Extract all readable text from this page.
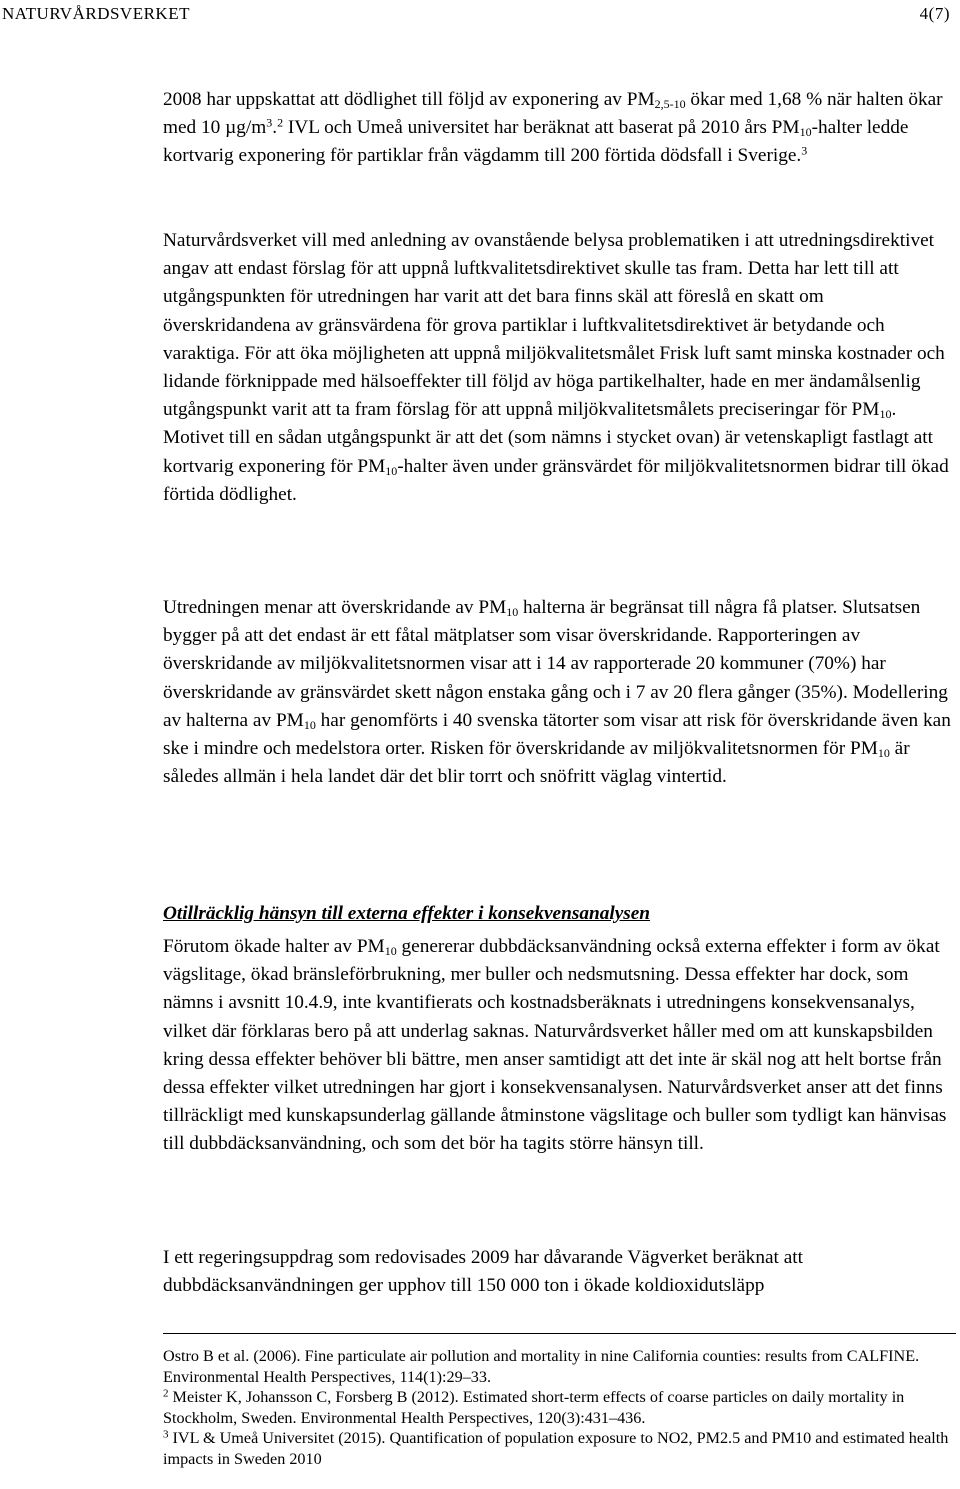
NATURVÅRDSVERKET	4(7)

2008 har uppskattat att dödlighet till följd av exponering av $PM_{2,5-10}$ ökar med 1,68 % när halten ökar med 10 $\mu g/m^3.^2$ IVL och Umeå universitet har beräknat att baserat på 2010 års $PM_{10}$-halter ledde kortvarig exponering för partiklar från vägdamm till 200 förtida dödsfall i Sverige.$^3$

Naturvårdsverket vill med anledning av ovanstående belysa problematiken i att utredningsdirektivet angav att endast förslag för att uppnå luftkvalitetsdirektivet skulle tas fram. Detta har lett till att utgångspunkten för utredningen har varit att det bara finns skäl att föreslå en skatt om överskridandena av gränsvärdena för grova partiklar i luftkvalitetsdirektivet är betydande och varaktiga. För att öka möjligheten att uppnå miljökvalitetsmålet Frisk luft samt minska kostnader och lidande förknippade med hälsoeffekter till följd av höga partikelhalter, hade en mer ändamålsenlig utgångspunkt varit att ta fram förslag för att uppnå miljökvalitetsmålets preciseringar för $PM_{10}$. Motivet till en sådan utgångspunkt är att det (som nämns i stycket ovan) är vetenskapligt fastlagt att kortvarig exponering för $PM_{10}$-halter även under gränsvärdet för miljökvalitetsnormen bidrar till ökad förtida dödlighet.

Utredningen menar att överskridande av $PM_{10}$ halterna är begränsat till några få platser. Slutsatsen bygger på att det endast är ett fåtal mätplatser som visar överskridande. Rapporteringen av överskridande av miljökvalitetsnormen visar att i 14 av rapporterade 20 kommuner (70%) har överskridande av gränsvärdet skett någon enstaka gång och i 7 av 20 flera gånger (35%). Modellering av halterna av $PM_{10}$ har genomförts i 40 svenska tätorter som visar att risk för överskridande även kan ske i mindre och medelstora orter. Risken för överskridande av miljökvalitetsnormen för $PM_{10}$ är således allmän i hela landet där det blir torrt och snöfritt väglag vintertid.

Otillräcklig hänsyn till externa effekter i konsekvensanalysen

Förutom ökade halter av $PM_{10}$ genererar dubbdäcksanvändning också externa effekter i form av ökat vägslitage, ökad bränsleförbrukning, mer buller och nedsmutsning. Dessa effekter har dock, som nämns i avsnitt 10.4.9, inte kvantifierats och kostnadsberäknats i utredningens konsekvensanalys, vilket där förklaras bero på att underlag saknas. Naturvårdsverket håller med om att kunskapsbilden kring dessa effekter behöver bli bättre, men anser samtidigt att det inte är skäl nog att helt bortse från dessa effekter vilket utredningen har gjort i konsekvensanalysen. Naturvårdsverket anser att det finns tillräckligt med kunskapsunderlag gällande åtminstone vägslitage och buller som tydligt kan hänvisas till dubbdäcksanvändning, och som det bör ha tagits större hänsyn till.

I ett regeringsuppdrag som redovisades 2009 har dåvarande Vägverket beräknat att dubbdäcksanvändningen ger upphov till 150 000 ton i ökade koldioxidutsläpp

Ostro B et al. (2006). Fine particulate air pollution and mortality in nine California counties: results from CALFINE. Environmental Health Perspectives, 114(1):29–33.

$^2$ Meister K, Johansson C, Forsberg B (2012). Estimated short-term effects of coarse particles on daily mortality in Stockholm, Sweden. Environmental Health Perspectives, 120(3):431–436.

$^3$ IVL & Umeå Universitet (2015). Quantification of population exposure to NO2, PM2.5 and PM10 and estimated health impacts in Sweden 2010
